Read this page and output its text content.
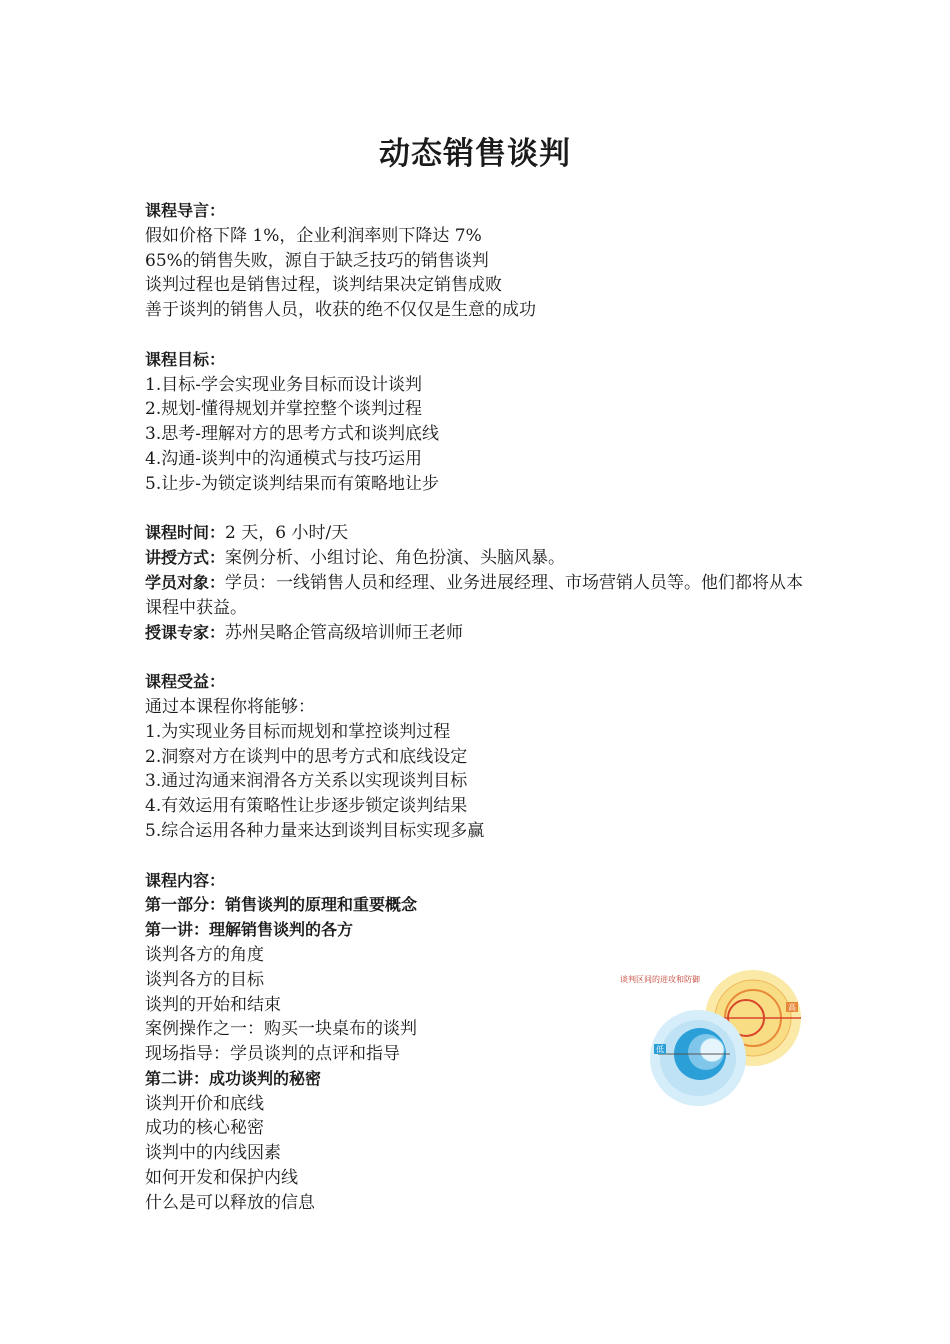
动态销售谈判
课程导言：
假如价格下降 1%，企业利润率则下降达 7%
65%的销售失败，源自于缺乏技巧的销售谈判
谈判过程也是销售过程，谈判结果决定销售成败
善于谈判的销售人员，收获的绝不仅仅是生意的成功
课程目标：
1.目标-学会实现业务目标而设计谈判
2.规划-懂得规划并掌控整个谈判过程
3.思考-理解对方的思考方式和谈判底线
4.沟通-谈判中的沟通模式与技巧运用
5.让步-为锁定谈判结果而有策略地让步
课程时间：2 天，6 小时/天
讲授方式：案例分析、小组讨论、角色扮演、头脑风暴。
学员对象：学员：一线销售人员和经理、业务进展经理、市场营销人员等。他们都将从本课程中获益。
授课专家：苏州吴略企管高级培训师王老师
课程受益：
通过本课程你将能够：
1.为实现业务目标而规划和掌控谈判过程
2.洞察对方在谈判中的思考方式和底线设定
3.通过沟通来润滑各方关系以实现谈判目标
4.有效运用有策略性让步逐步锁定谈判结果
5.综合运用各种力量来达到谈判目标实现多赢
课程内容：
第一部分：销售谈判的原理和重要概念
第一讲：理解销售谈判的各方
谈判各方的角度
谈判各方的目标
谈判的开始和结束
案例操作之一：购买一块桌布的谈判
现场指导：学员谈判的点评和指导
第二讲：成功谈判的秘密
谈判开价和底线
成功的核心秘密
谈判中的内线因素
如何开发和保护内线
什么是可以释放的信息
谈判区间的进攻和防御
高
低
